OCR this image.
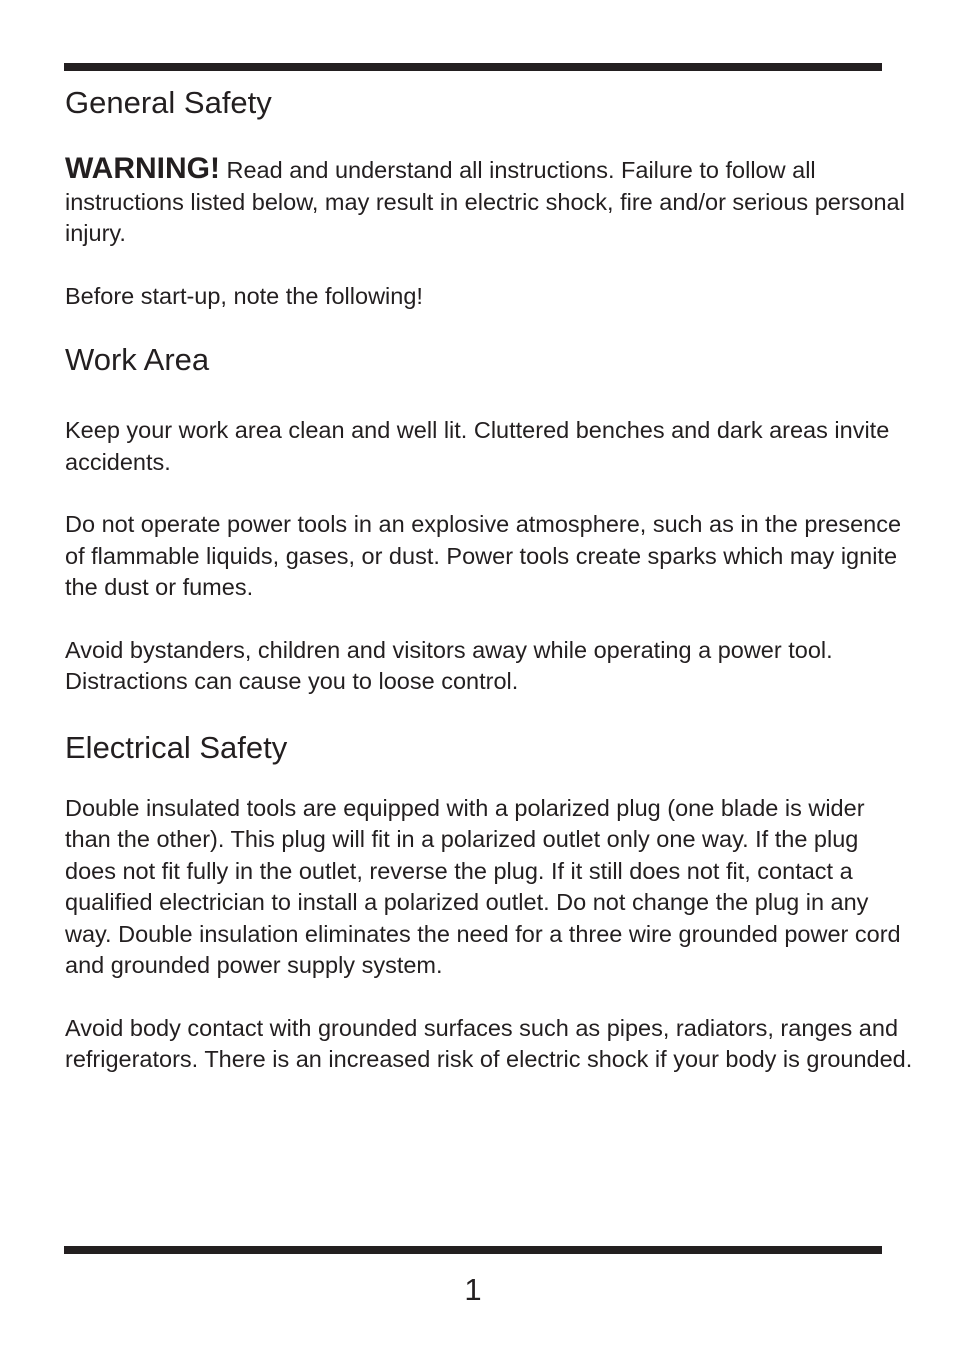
General Safety

WARNING! Read and understand all instructions. Failure to follow all instructions listed below, may result in electric shock, fire and/or serious personal injury.

Before start-up, note the following!

Work Area

Keep your work area clean and well lit. Cluttered benches and dark areas invite accidents.

Do not operate power tools in an explosive atmosphere, such as in the presence of flammable liquids, gases, or dust. Power tools create sparks which may ignite the dust or fumes.

Avoid bystanders, children and visitors away while operating a power tool. Distractions can cause you to loose control.

Electrical Safety

Double insulated tools are equipped with a polarized plug (one blade is wider than the other). This plug will fit in a polarized outlet only one way. If the plug does not fit fully in the outlet, reverse the plug. If it still does not fit, contact a qualified electrician to install a polarized outlet. Do not change the plug in any way. Double insulation eliminates the need for a three wire grounded power cord and grounded power supply system.

Avoid body contact with grounded surfaces such as pipes, radiators, ranges and refrigerators. There is an increased risk of electric shock if your body is grounded.

1
